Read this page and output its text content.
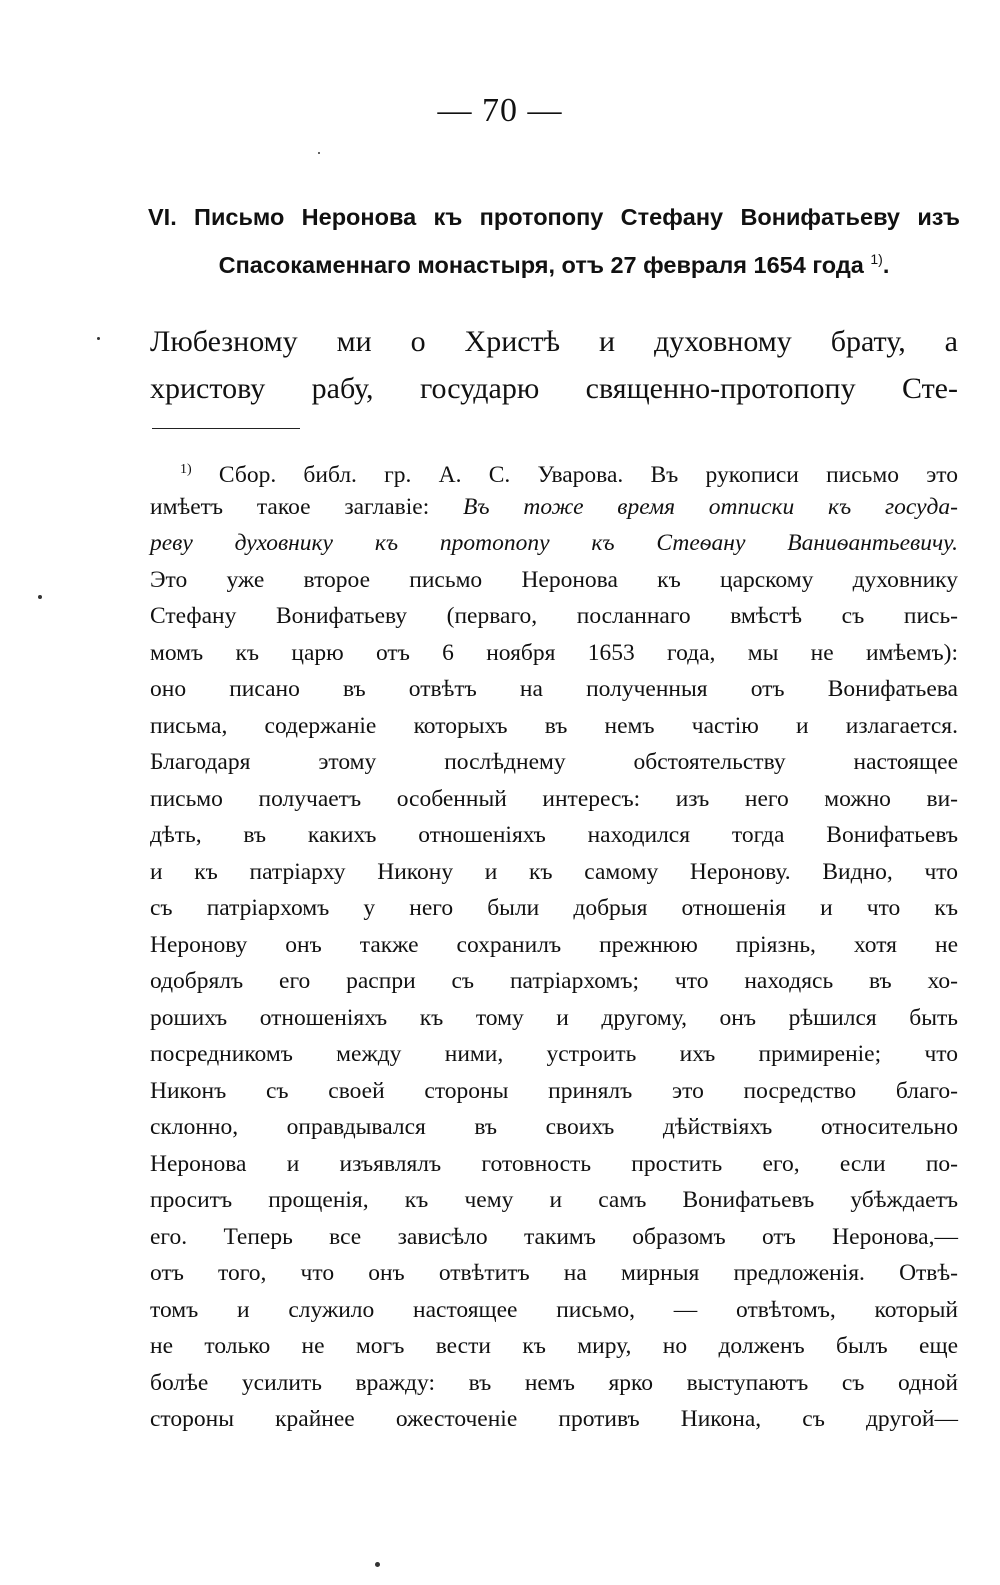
— 70 —
VI. Письмо Неронова къ протопопу Стефану Вонифатьеву изъ Спасокаменнаго монастыря, отъ 27 февраля 1654 года $^{1)}$.
Любезному ми о Христѣ и духовному брату, а
христову рабу, государю священно-протопопу Сте-
$^{1)}$ Сбор. библ. гр. А. С. Уварова. Въ рукописи письмо это
имѣетъ такое заглавіе: Въ тоже время отписки къ госуда-
реву духовнику къ протопопу къ Стеѳану Ваниѳантьевичу.
Это уже второе письмо Неронова къ царскому духовнику
Стефану Вонифатьеву (перваго, посланнаго вмѣстѣ съ пись-
момъ къ царю отъ 6 ноября 1653 года, мы не имѣемъ):
оно писано въ отвѣтъ на полученныя отъ Вонифатьева
письма, содержаніе которыхъ въ немъ частію и излагается.
Благодаря этому послѣднему обстоятельству настоящее
письмо получаетъ особенный интересъ: изъ него можно ви-
дѣть, въ какихъ отношеніяхъ находился тогда Вонифатьевъ
и къ патріарху Никону и къ самому Неронову. Видно, что
съ патріархомъ у него были добрыя отношенія и что къ
Неронову онъ также сохранилъ прежнюю пріязнь, хотя не
одобрялъ его распри съ патріархомъ; что находясь въ хо-
рошихъ отношеніяхъ къ тому и другому, онъ рѣшился быть
посредникомъ между ними, устроить ихъ примиреніе; что
Никонъ съ своей стороны принялъ это посредство благо-
склонно, оправдывался въ своихъ дѣйствіяхъ относительно
Неронова и изъявлялъ готовность простить его, если по-
проситъ прощенія, къ чему и самъ Вонифатьевъ убѣждаетъ
его. Теперь все зависѣло такимъ образомъ отъ Неронова,—
отъ того, что онъ отвѣтитъ на мирныя предложенія. Отвѣ-
томъ и служило настоящее письмо, — отвѣтомъ, который
не только не могъ вести къ миру, но долженъ былъ еще
болѣе усилить вражду: въ немъ ярко выступаютъ съ одной
стороны крайнее ожесточеніе противъ Никона, съ другой—
